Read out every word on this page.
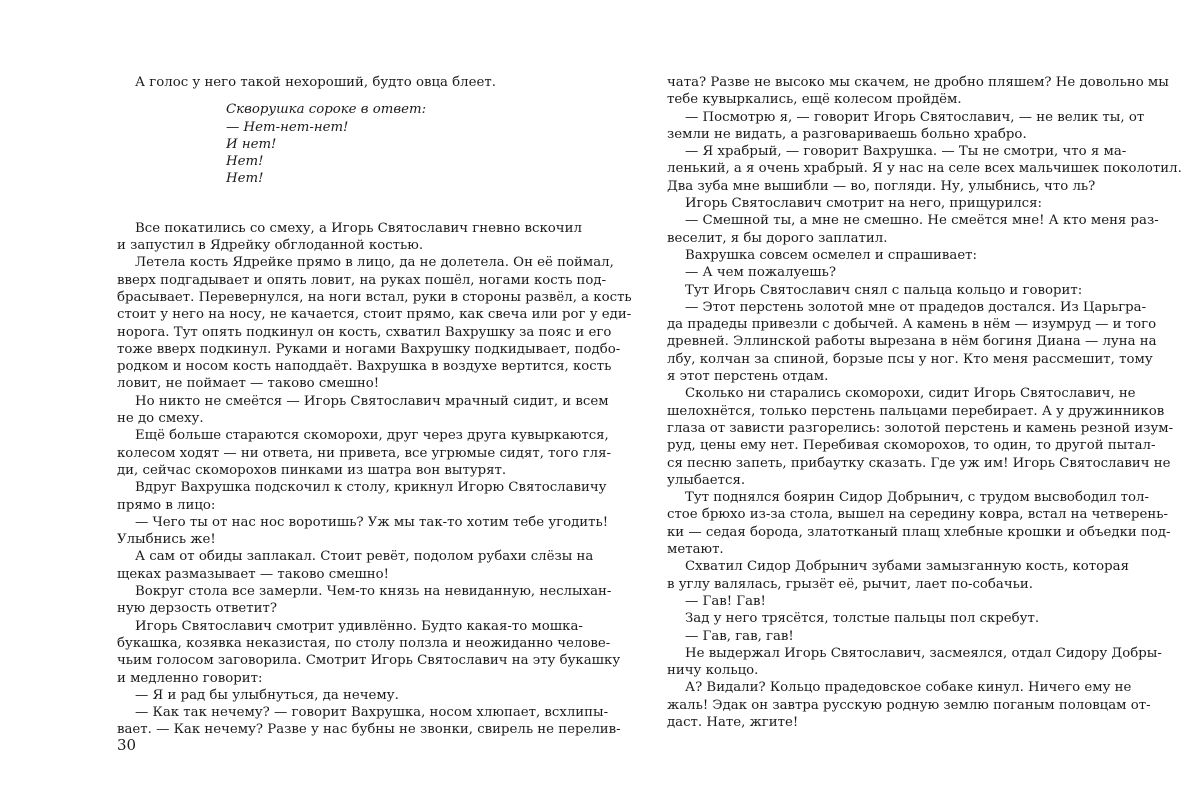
А голос у него такой нехороший, будто овца блеет.
Скворушка сороке в ответ:
— Нет-нет-нет!
И нет!
Нет!
Нет!
Все покатились со смеху, а Игорь Святославич гневно вскочил
и запустил в Ядрейку обглоданной костью.
Летела кость Ядрейке прямо в лицо, да не долетела. Он её поймал,
вверх подгадывает и опять ловит, на руках пошёл, ногами кость под-
брасывает. Перевернулся, на ноги встал, руки в стороны развёл, а кость
стоит у него на носу, не качается, стоит прямо, как свеча или рог у еди-
норога. Тут опять подкинул он кость, схватил Вахрушку за пояс и его
тоже вверх подкинул. Руками и ногами Вахрушку подкидывает, подбо-
родком и носом кость наподдаёт. Вахрушка в воздухе вертится, кость
ловит, не поймает — таково смешно!
Но никто не смеётся — Игорь Святославич мрачный сидит, и всем
не до смеху.
Ещё больше стараются скоморохи, друг через друга кувыркаются,
колесом ходят — ни ответа, ни привета, все угрюмые сидят, того гля-
ди, сейчас скоморохов пинками из шатра вон вытурят.
Вдруг Вахрушка подскочил к столу, крикнул Игорю Святославичу
прямо в лицо:
— Чего ты от нас нос воротишь? Уж мы так-то хотим тебе угодить!
Улыбнись же!
А сам от обиды заплакал. Стоит ревёт, подолом рубахи слёзы на
щеках размазывает — таково смешно!
Вокруг стола все замерли. Чем-то князь на невиданную, неслыхан-
ную дерзость ответит?
Игорь Святославич смотрит удивлённо. Будто какая-то мошка-
букашка, козявка неказистая, по столу ползла и неожиданно челове-
чьим голосом заговорила. Смотрит Игорь Святославич на эту букашку
и медленно говорит:
— Я и рад бы улыбнуться, да нечему.
— Как так нечему? — говорит Вахрушка, носом хлюпает, всхлипы-
вает. — Как нечему? Разве у нас бубны не звонки, свирель не перелив-
30
чата? Разве не высоко мы скачем, не дробно пляшем? Не довольно мы
тебе кувыркались, ещё колесом пройдём.
— Посмотрю я, — говорит Игорь Святославич, — не велик ты, от
земли не видать, а разговариваешь больно храбро.
— Я храбрый, — говорит Вахрушка. — Ты не смотри, что я ма-
ленький, а я очень храбрый. Я у нас на селе всех мальчишек поколотил.
Два зуба мне вышибли — во, погляди. Ну, улыбнись, что ль?
Игорь Святославич смотрит на него, прищурился:
— Смешной ты, а мне не смешно. Не смеётся мне! А кто меня раз-
веселит, я бы дорого заплатил.
Вахрушка совсем осмелел и спрашивает:
— А чем пожалуешь?
Тут Игорь Святославич снял с пальца кольцо и говорит:
— Этот перстень золотой мне от прадедов достался. Из Царьгра-
да прадеды привезли с добычей. А камень в нём — изумруд — и того
древней. Эллинской работы вырезана в нём богиня Диана — луна на
лбу, колчан за спиной, борзые псы у ног. Кто меня рассмешит, тому
я этот перстень отдам.
Сколько ни старались скоморохи, сидит Игорь Святославич, не
шелохнётся, только перстень пальцами перебирает. А у дружинников
глаза от зависти разгорелись: золотой перстень и камень резной изум-
руд, цены ему нет. Перебивая скоморохов, то один, то другой пытал-
ся песню запеть, прибаутку сказать. Где уж им! Игорь Святославич не
улыбается.
Тут поднялся боярин Сидор Добрынич, с трудом высвободил тол-
стое брюхо из-за стола, вышел на середину ковра, встал на четверень-
ки — седая борода, златотканый плащ хлебные крошки и объедки под-
метают.
Схватил Сидор Добрынич зубами замызганную кость, которая
в углу валялась, грызёт её, рычит, лает по-собачьи.
— Гав! Гав!
Зад у него трясётся, толстые пальцы пол скребут.
— Гав, гав, гав!
Не выдержал Игорь Святославич, засмеялся, отдал Сидору Добры-
ничу кольцо.
А? Видали? Кольцо прадедовское собаке кинул. Ничего ему не
жаль! Эдак он завтра русскую родную землю поганым половцам от-
даст. Нате, жгите!
